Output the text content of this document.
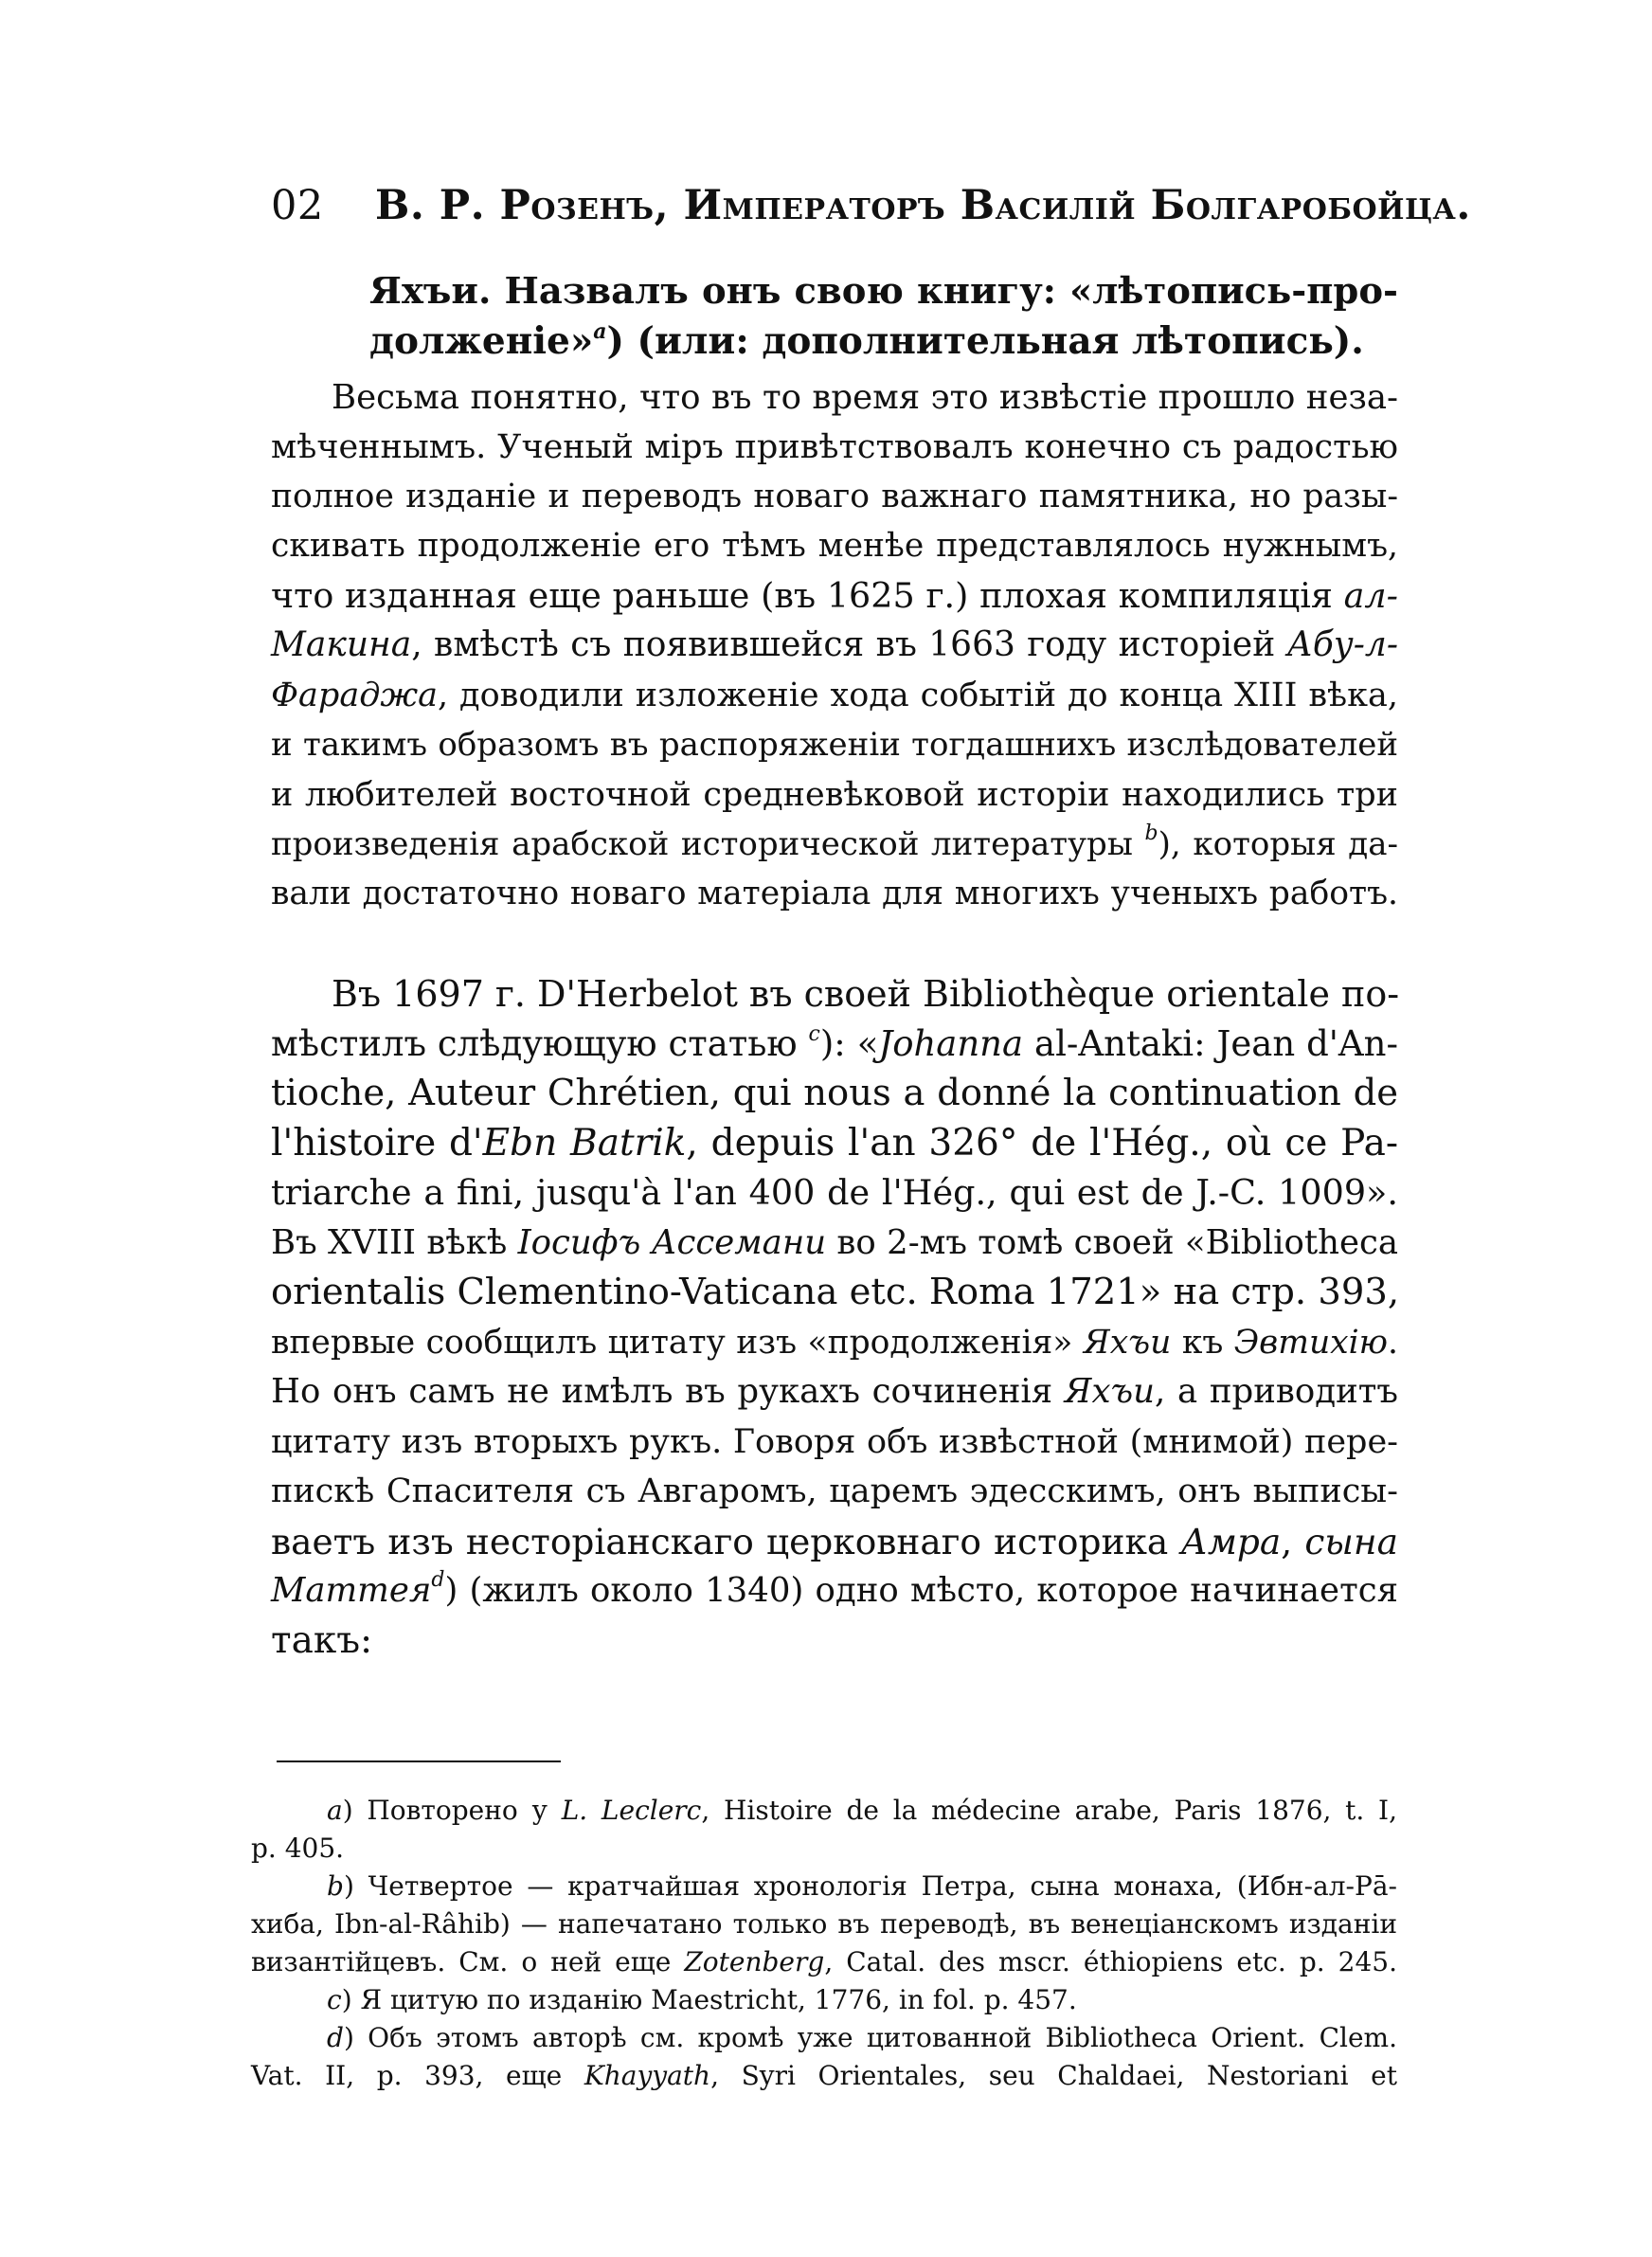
02 В. Р. Розенъ, Императоръ Василій Болгаробойца.
Яхъи. Назвалъ онъ свою книгу: «лѣтопись-про-
долженіе»$^a$) (или: дополнительная лѣтопись).
Весьма понятно, что въ то время это извѣстіе прошло неза-
мѣченнымъ. Ученый міръ привѣтствовалъ конечно съ радостью
полное изданіе и переводъ новаго важнаго памятника, но разы-
скивать продолженіе его тѣмъ менѣе представлялось нужнымъ,
что изданная еще раньше (въ 1625 г.) плохая компиляція ал-
Макина, вмѣстѣ съ появившейся въ 1663 году исторіей Абу-л-
Фараджа, доводили изложеніе хода событій до конца XIII вѣка,
и такимъ образомъ въ распоряженіи тогдашнихъ изслѣдователей
и любителей восточной средневѣковой исторіи находились три
произведенія арабской исторической литературы $^b$), которыя да-
вали достаточно новаго матеріала для многихъ ученыхъ работъ.
Въ 1697 г. D'Herbelot въ своей Bibliothèque orientale по-
мѣстилъ слѣдующую статью $^c$): «Johanna al-Antaki: Jean d'An-
tioche, Auteur Chrétien, qui nous a donné la continuation de
l'histoire d'Ebn Batrik, depuis l'an 326° de l'Hég., où ce Pa-
triarche a fini, jusqu'à l'an 400 de l'Hég., qui est de J.-C. 1009».
Въ XVIII вѣкѣ Іосифъ Ассемани во 2-мъ томѣ своей «Bibliotheca
orientalis Clementino-Vaticana etc. Roma 1721» на стр. 393,
впервые сообщилъ цитату изъ «продолженія» Яхъи къ Эвтихію.
Но онъ самъ не имѣлъ въ рукахъ сочиненія Яхъи, а приводитъ
цитату изъ вторыхъ рукъ. Говоря объ извѣстной (мнимой) пере-
пискѣ Спасителя съ Авгаромъ, царемъ эдесскимъ, онъ выписы-
ваетъ изъ несторіанскаго церковнаго историка Амра, сына
Маттея$^d$) (жилъ около 1340) одно мѣсто, которое начинается
такъ:
a) Повторено у L. Leclerc, Histoire de la médecine arabe, Paris 1876, t. I,
p. 405.
b) Четвертое — кратчайшая хронологія Петра, сына монаха, (Ибн-ал-Рā-
хиба, Ibn-al-Râhib) — напечатано только въ переводѣ, въ венеціанскомъ изданіи
византійцевъ. См. о ней еще Zotenberg, Catal. des mscr. éthiopiens etc. p. 245.
c) Я цитую по изданію Maestricht, 1776, in fol. p. 457.
d) Объ этомъ авторѣ см. кромѣ уже цитованной Bibliotheca Orient. Clem.
Vat. II, p. 393, еще Khayyath, Syri Orientales, seu Chaldaei, Nestoriani et
